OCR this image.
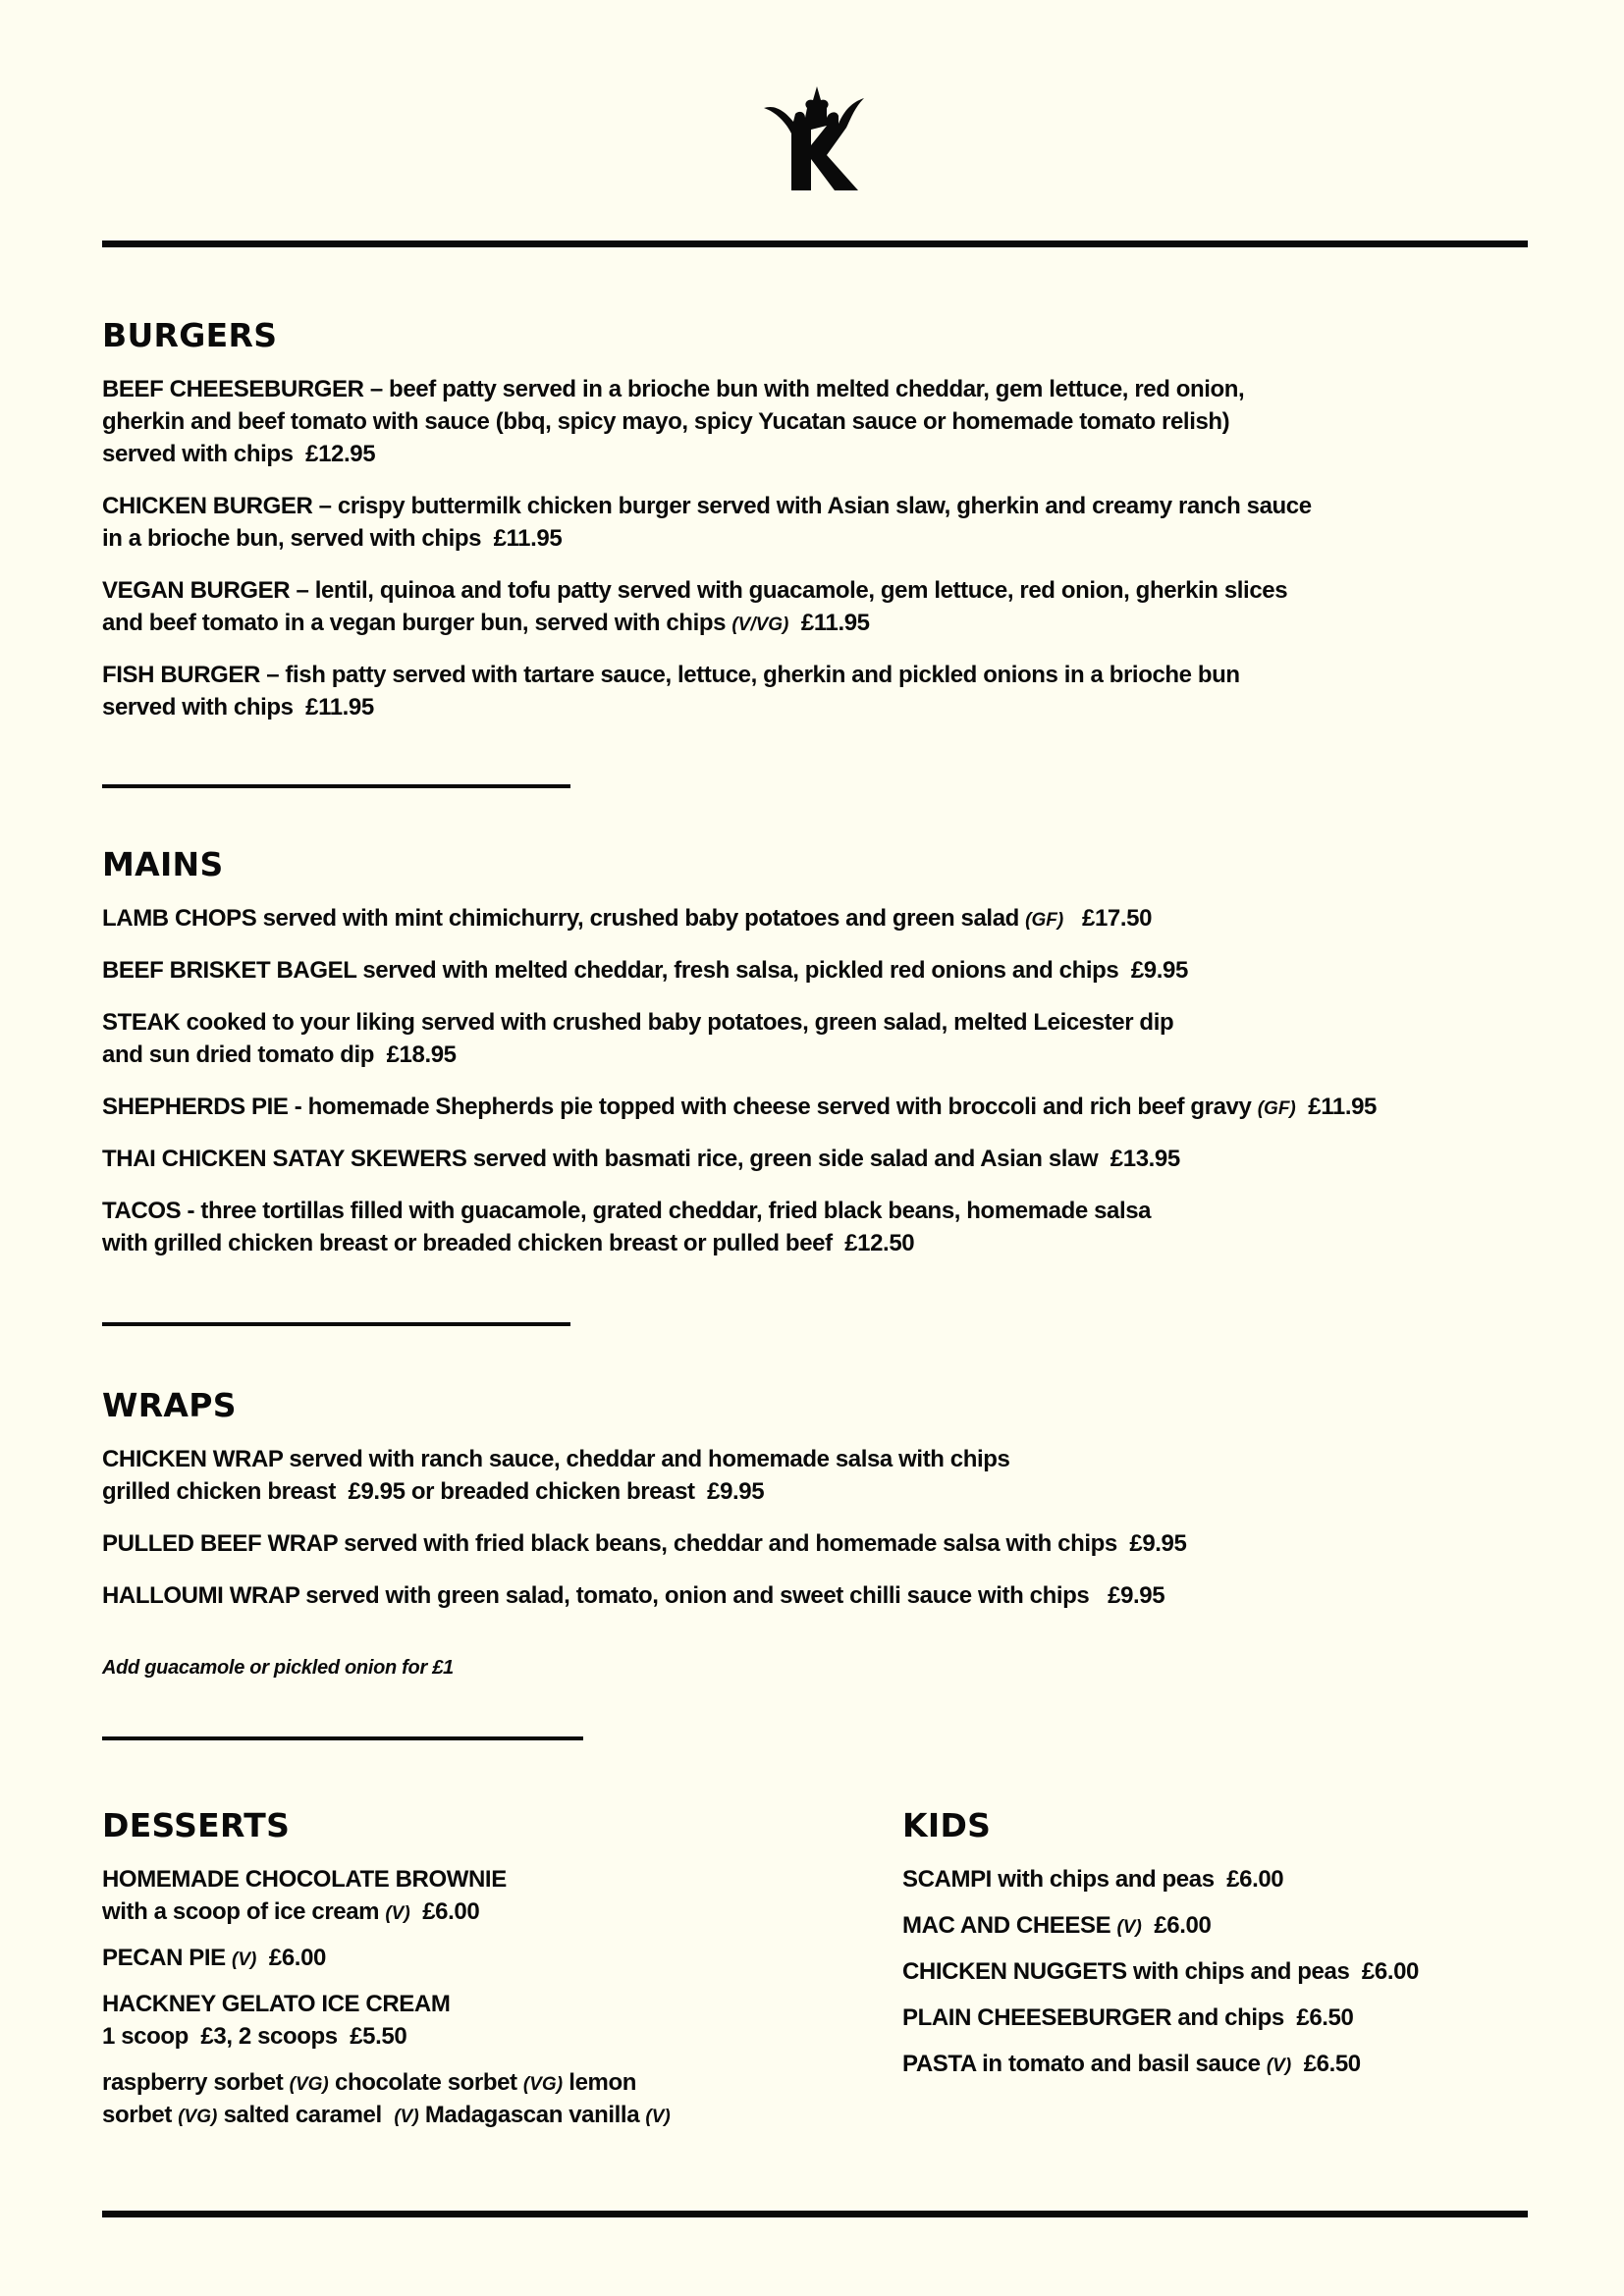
BURGERS
BEEF CHEESEBURGER – beef patty served in a brioche bun with melted cheddar, gem lettuce, red onion,
gherkin and beef tomato with sauce (bbq, spicy mayo, spicy Yucatan sauce or homemade tomato relish)
served with chips  £12.95
CHICKEN BURGER – crispy buttermilk chicken burger served with Asian slaw, gherkin and creamy ranch sauce
in a brioche bun, served with chips  £11.95
VEGAN BURGER – lentil, quinoa and tofu patty served with guacamole, gem lettuce, red onion, gherkin slices
and beef tomato in a vegan burger bun, served with chips (V/VG)  £11.95
FISH BURGER – fish patty served with tartare sauce, lettuce, gherkin and pickled onions in a brioche bun
served with chips  £11.95
MAINS
LAMB CHOPS served with mint chimichurry, crushed baby potatoes and green salad (GF)   £17.50
BEEF BRISKET BAGEL served with melted cheddar, fresh salsa, pickled red onions and chips  £9.95
STEAK cooked to your liking served with crushed baby potatoes, green salad, melted Leicester dip
and sun dried tomato dip  £18.95
SHEPHERDS PIE - homemade Shepherds pie topped with cheese served with broccoli and rich beef gravy (GF)  £11.95
THAI CHICKEN SATAY SKEWERS served with basmati rice, green side salad and Asian slaw  £13.95
TACOS - three tortillas filled with guacamole, grated cheddar, fried black beans, homemade salsa
with grilled chicken breast or breaded chicken breast or pulled beef  £12.50
WRAPS
CHICKEN WRAP served with ranch sauce, cheddar and homemade salsa with chips
grilled chicken breast  £9.95 or breaded chicken breast  £9.95
PULLED BEEF WRAP served with fried black beans, cheddar and homemade salsa with chips  £9.95
HALLOUMI WRAP served with green salad, tomato, onion and sweet chilli sauce with chips   £9.95
Add guacamole or pickled onion for £1
DESSERTS
HOMEMADE CHOCOLATE BROWNIE
with a scoop of ice cream (V)  £6.00
PECAN PIE (V)  £6.00
HACKNEY GELATO ICE CREAM
1 scoop  £3, 2 scoops  £5.50
raspberry sorbet (VG) chocolate sorbet (VG) lemon
sorbet (VG) salted caramel  (V) Madagascan vanilla (V)
KIDS
SCAMPI with chips and peas  £6.00
MAC AND CHEESE (V)  £6.00
CHICKEN NUGGETS with chips and peas  £6.00
PLAIN CHEESEBURGER and chips  £6.50
PASTA in tomato and basil sauce (V)  £6.50
